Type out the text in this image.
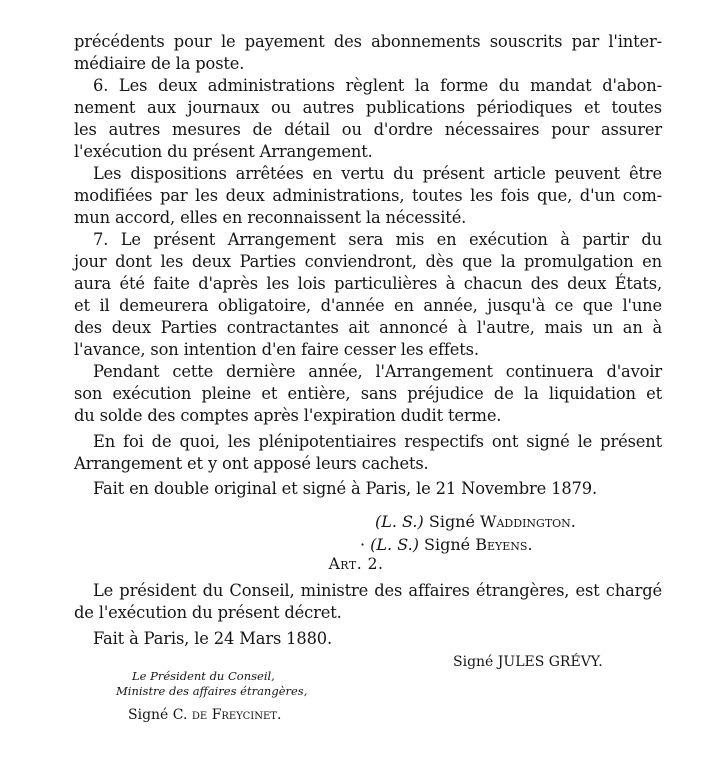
précédents pour le payement des abonnements souscrits par l'inter-
médiaire de la poste.
6. Les deux administrations règlent la forme du mandat d'abon-
nement aux journaux ou autres publications périodiques et toutes
les autres mesures de détail ou d'ordre nécessaires pour assurer
l'exécution du présent Arrangement.
Les dispositions arrêtées en vertu du présent article peuvent être
modifiées par les deux administrations, toutes les fois que, d'un com-
mun accord, elles en reconnaissent la nécessité.
7. Le présent Arrangement sera mis en exécution à partir du
jour dont les deux Parties conviendront, dès que la promulgation en
aura été faite d'après les lois particulières à chacun des deux États,
et il demeurera obligatoire, d'année en année, jusqu'à ce que l'une
des deux Parties contractantes ait annoncé à l'autre, mais un an à
l'avance, son intention d'en faire cesser les effets.
Pendant cette dernière année, l'Arrangement continuera d'avoir
son exécution pleine et entière, sans préjudice de la liquidation et
du solde des comptes après l'expiration dudit terme.
En foi de quoi, les plénipotentiaires respectifs ont signé le présent
Arrangement et y ont apposé leurs cachets.
Fait en double original et signé à Paris, le 21 Novembre 1879.
(L. S.) Signé Waddington.
· (L. S.) Signé Beyens.
Art. 2.
Le président du Conseil, ministre des affaires étrangères, est chargé
de l'exécution du présent décret.
Fait à Paris, le 24 Mars 1880.
Signé JULES GRÉVY.
Le Président du Conseil,
Ministre des affaires étrangères,
Signé C. de Freycinet.
